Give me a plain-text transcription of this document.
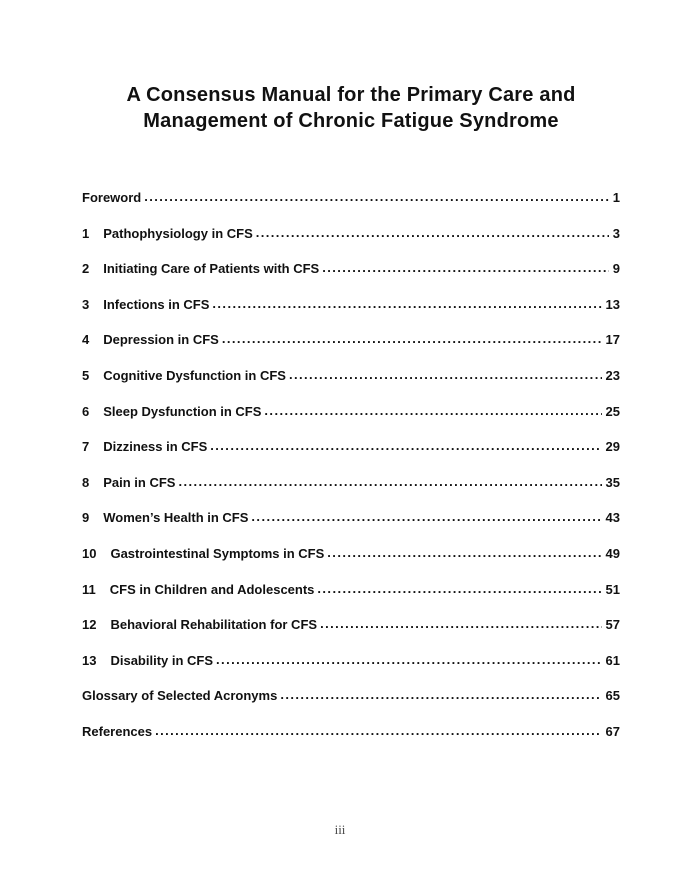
A Consensus Manual for the Primary Care and
Management of Chronic Fatigue Syndrome
Foreword .....	1
1 Pathophysiology in CFS .....	3
2 Initiating Care of Patients with CFS .....	9
3 Infections in CFS .....	13
4 Depression in CFS .....	17
5 Cognitive Dysfunction in CFS .....	23
6 Sleep Dysfunction in CFS .....	25
7 Dizziness in CFS .....	29
8 Pain in CFS .....	35
9 Women’s Health in CFS .....	43
10 Gastrointestinal Symptoms in CFS .....	49
11 CFS in Children and Adolescents .....	51
12 Behavioral Rehabilitation for CFS .....	57
13 Disability in CFS .....	61
Glossary of Selected Acronyms .....	65
References .....	67
iii
